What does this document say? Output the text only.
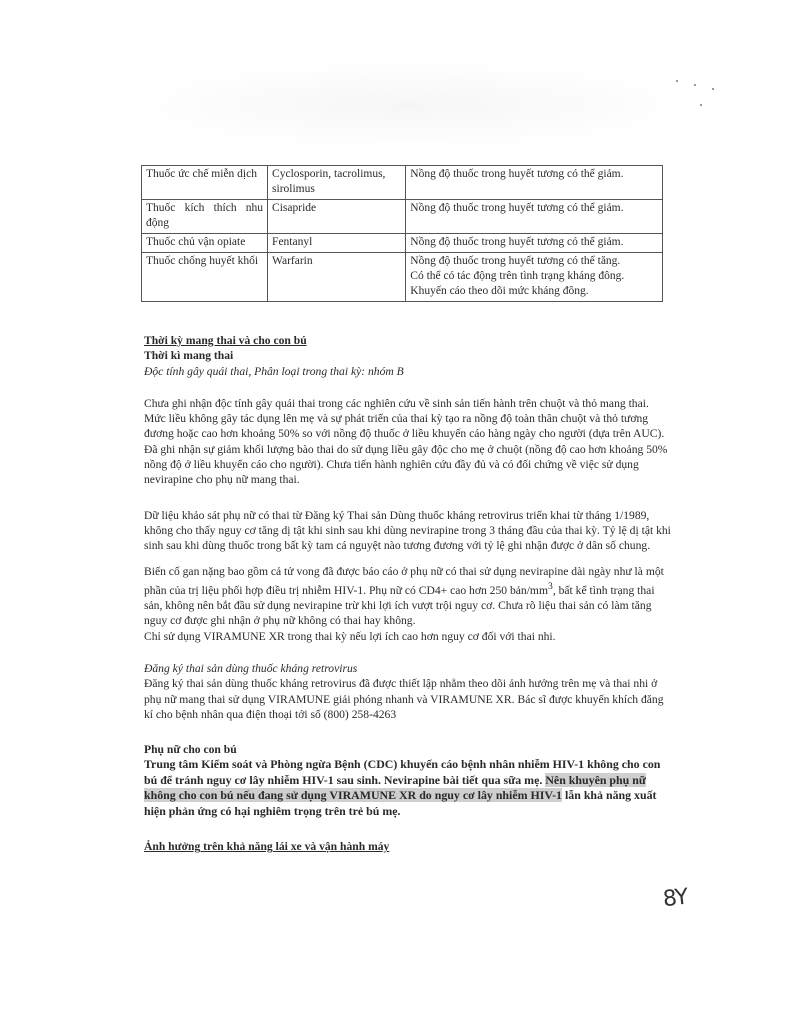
Thuốc ức chế miễn dịch	Cyclosporin, tacrolimus, sirolimus	Nồng độ thuốc trong huyết tương có thể giảm.
Thuốc kích thích nhu động	Cisapride	Nồng độ thuốc trong huyết tương có thể giảm.
Thuốc chủ vận opiate	Fentanyl	Nồng độ thuốc trong huyết tương có thể giảm.
Thuốc chống huyết khối	Warfarin	Nồng độ thuốc trong huyết tương có thể tăng.
Có thể có tác động trên tình trạng kháng đông.
Khuyến cáo theo dõi mức kháng đông.

Thời kỳ mang thai và cho con bú

Thời kì mang thai

Độc tính gây quái thai, Phân loại trong thai kỳ: nhóm B

Chưa ghi nhận độc tính gây quái thai trong các nghiên cứu về sinh sản tiến hành trên chuột và thỏ mang thai. Mức liều không gây tác dụng lên mẹ và sự phát triển của thai kỳ tạo ra nồng độ toàn thân chuột và thỏ tương đương hoặc cao hơn khoảng 50% so với nồng độ thuốc ở liều khuyến cáo hàng ngày cho người (dựa trên AUC). Đã ghi nhận sự giảm khối lượng bào thai do sử dụng liều gây độc cho mẹ ở chuột (nồng độ cao hơn khoảng 50% nồng độ ở liều khuyến cáo cho người). Chưa tiến hành nghiên cứu đầy đủ và có đối chứng về việc sử dụng nevirapine cho phụ nữ mang thai.

Dữ liệu khảo sát phụ nữ có thai từ Đăng ký Thai sản Dùng thuốc kháng retrovirus triển khai từ tháng 1/1989, không cho thấy nguy cơ tăng dị tật khi sinh sau khi dùng nevirapine trong 3 tháng đầu của thai kỳ. Tỷ lệ dị tật khi sinh sau khi dùng thuốc trong bất kỳ tam cá nguyệt nào tương đương với tỷ lệ ghi nhận được ở dân số chung.

Biến cố gan nặng bao gồm cả tử vong đã được báo cáo ở phụ nữ có thai sử dụng nevirapine dài ngày như là một phần của trị liệu phối hợp điều trị nhiễm HIV-1. Phụ nữ có CD4+ cao hơn 250 bản/$mm^3$, bất kể tình trạng thai sản, không nên bắt đầu sử dụng nevirapine trừ khi lợi ích vượt trội nguy cơ. Chưa rõ liệu thai sản có làm tăng nguy cơ được ghi nhận ở phụ nữ không có thai hay không.

Chỉ sử dụng VIRAMUNE XR trong thai kỳ nếu lợi ích cao hơn nguy cơ đối với thai nhi.

Đăng ký thai sản dùng thuốc kháng retrovirus

Đăng ký thai sản dùng thuốc kháng retrovirus đã được thiết lập nhằm theo dõi ảnh hưởng trên mẹ và thai nhi ở phụ nữ mang thai sử dụng VIRAMUNE giải phóng nhanh và VIRAMUNE XR. Bác sĩ được khuyến khích đăng kí cho bệnh nhân qua điện thoại tới số (800) 258-4263

Phụ nữ cho con bú

Trung tâm Kiểm soát và Phòng ngừa Bệnh (CDC) khuyến cáo bệnh nhân nhiễm HIV-1 không cho con bú để tránh nguy cơ lây nhiễm HIV-1 sau sinh. Nevirapine bài tiết qua sữa mẹ. Nên khuyên phụ nữ không cho con bú nếu đang sử dụng VIRAMUNE XR do nguy cơ lây nhiễm HIV-1 lẫn khả năng xuất hiện phản ứng có hại nghiêm trọng trên trẻ bú mẹ.

Ảnh hưởng trên khả năng lái xe và vận hành máy

8Y
